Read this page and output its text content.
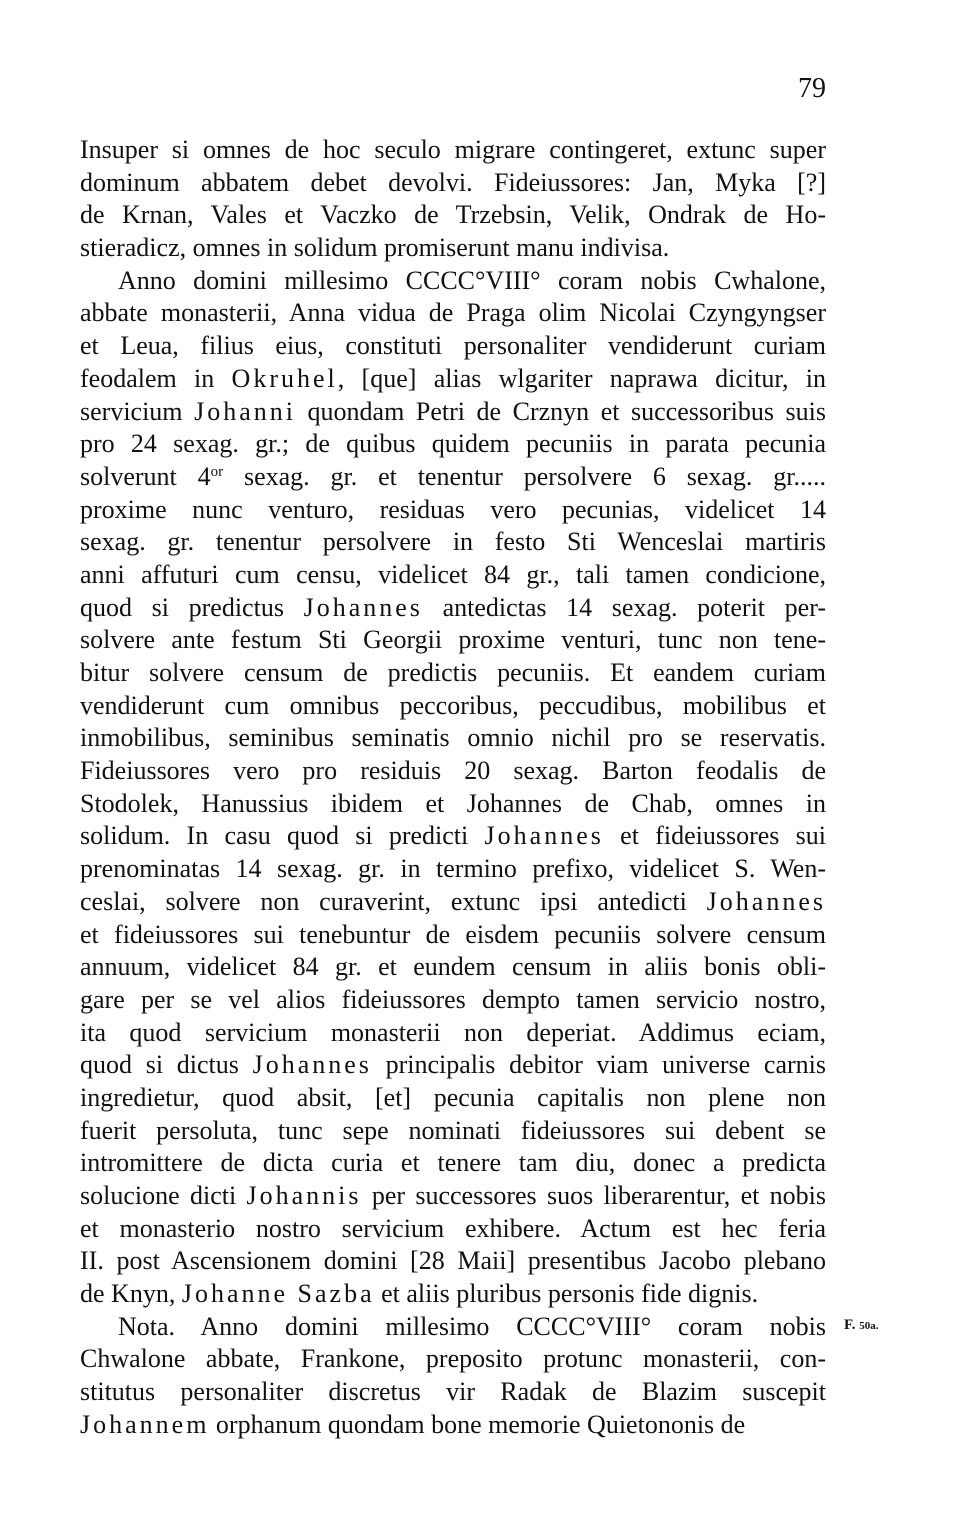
79
Insuper si omnes de hoc seculo migrare contingeret, extunc super
dominum abbatem debet devolvi. Fideiussores: Jan, Myka [?]
de Krnan, Vales et Vaczko de Trzebsin, Velik, Ondrak de Ho-
stieradicz, omnes in solidum promiserunt manu indivisa.
Anno domini millesimo CCCC°VIII° coram nobis Cwhalone,
abbate monasterii, Anna vidua de Praga olim Nicolai Czyngyngser
et Leua, filius eius, constituti personaliter vendiderunt curiam
feodalem in Okruhel, [que] alias wlgariter naprawa dicitur, in
servicium Johanni quondam Petri de Crznyn et successoribus suis
pro 24 sexag. gr.; de quibus quidem pecuniis in parata pecunia
solverunt $4^{or}$ sexag. gr. et tenentur persolvere 6 sexag. gr.....
proxime nunc venturo, residuas vero pecunias, videlicet 14
sexag. gr. tenentur persolvere in festo Sti Wenceslai martiris
anni affuturi cum censu, videlicet 84 gr., tali tamen condicione,
quod si predictus Johannes antedictas 14 sexag. poterit per-
solvere ante festum Sti Georgii proxime venturi, tunc non tene-
bitur solvere censum de predictis pecuniis. Et eandem curiam
vendiderunt cum omnibus peccoribus, peccudibus, mobilibus et
inmobilibus, seminibus seminatis omnio nichil pro se reservatis.
Fideiussores vero pro residuis 20 sexag. Barton feodalis de
Stodolek, Hanussius ibidem et Johannes de Chab, omnes in
solidum. In casu quod si predicti Johannes et fideiussores sui
prenominatas 14 sexag. gr. in termino prefixo, videlicet S. Wen-
ceslai, solvere non curaverint, extunc ipsi antedicti Johannes
et fideiussores sui tenebuntur de eisdem pecuniis solvere censum
annuum, videlicet 84 gr. et eundem censum in aliis bonis obli-
gare per se vel alios fideiussores dempto tamen servicio nostro,
ita quod servicium monasterii non deperiat. Addimus eciam,
quod si dictus Johannes principalis debitor viam universe carnis
ingredietur, quod absit, [et] pecunia capitalis non plene non
fuerit persoluta, tunc sepe nominati fideiussores sui debent se
intromittere de dicta curia et tenere tam diu, donec a predicta
solucione dicti Johannis per successores suos liberarentur, et nobis
et monasterio nostro servicium exhibere. Actum est hec feria
II. post Ascensionem domini [28 Maii] presentibus Jacobo plebano
de Knyn, Johanne Sazba et aliis pluribus personis fide dignis.
Nota. Anno domini millesimo CCCC°VIII° coram nobis
Chwalone abbate, Frankone, preposito protunc monasterii, con-
stitutus personaliter discretus vir Radak de Blazim suscepit
Johannem orphanum quondam bone memorie Quietononis de
F. 50a.
